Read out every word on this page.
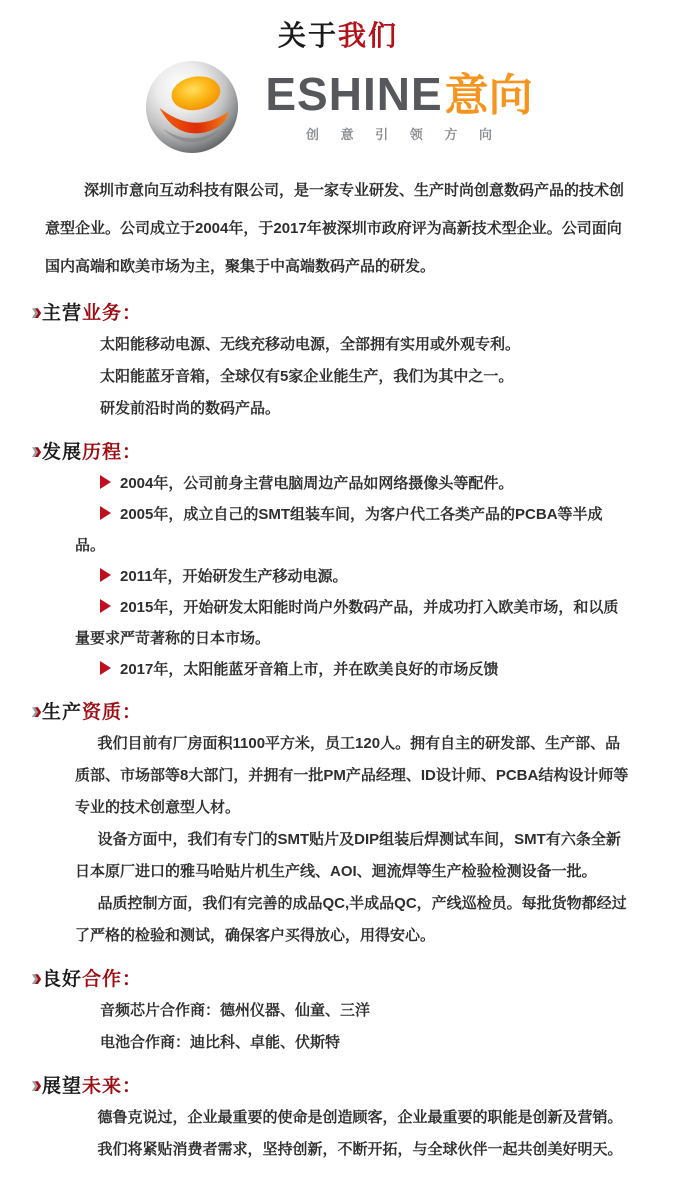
关于我们
ESHINE意向
创 意 引 领 方 向

深圳市意向互动科技有限公司，是一家专业研发、生产时尚创意数码产品的技术创意型企业。公司成立于2004年，于2017年被深圳市政府评为高新技术型企业。公司面向国内高端和欧美市场为主，聚集于中高端数码产品的研发。

› ›
主营 业务：
太阳能移动电源、无线充移动电源，全部拥有实用或外观专利。
太阳能蓝牙音箱，全球仅有5家企业能生产，我们为其中之一。
研发前沿时尚的数码产品。
› ›
发展 历程：

2004年，公司前身主营电脑周边产品如网络摄像头等配件。

2005年，成立自己的SMT组装车间，为客户代工各类产品的PCBA等半成品。

2011年，开始研发生产移动电源。

2015年，开始研发太阳能时尚户外数码产品，并成功打入欧美市场，和以质量要求严苛著称的日本市场。

2017年，太阳能蓝牙音箱上市，并在欧美良好的市场反馈

› ›
生产 资质：

我们目前有厂房面积1100平方米，员工120人。拥有自主的研发部、生产部、品质部、市场部等8大部门，并拥有一批PM产品经理、ID设计师、PCBA结构设计师等专业的技术创意型人材。

设备方面中，我们有专门的SMT贴片及DIP组装后焊测试车间，SMT有六条全新日本原厂进口的雅马哈贴片机生产线、AOI、迴流焊等生产检验检测设备一批。

品质控制方面，我们有完善的成品QC,半成品QC，产线巡检员。每批货物都经过了严格的检验和测试，确保客户买得放心，用得安心。

› ›
良好 合作：
音频芯片合作商：德州仪器、仙童、三洋
电池合作商：迪比科、卓能、伏斯特
› ›
展望 未来：

德鲁克说过，企业最重要的使命是创造顾客，企业最重要的职能是创新及营销。

我们将紧贴消费者需求，坚持创新，不断开拓，与全球伙伴一起共创美好明天。
